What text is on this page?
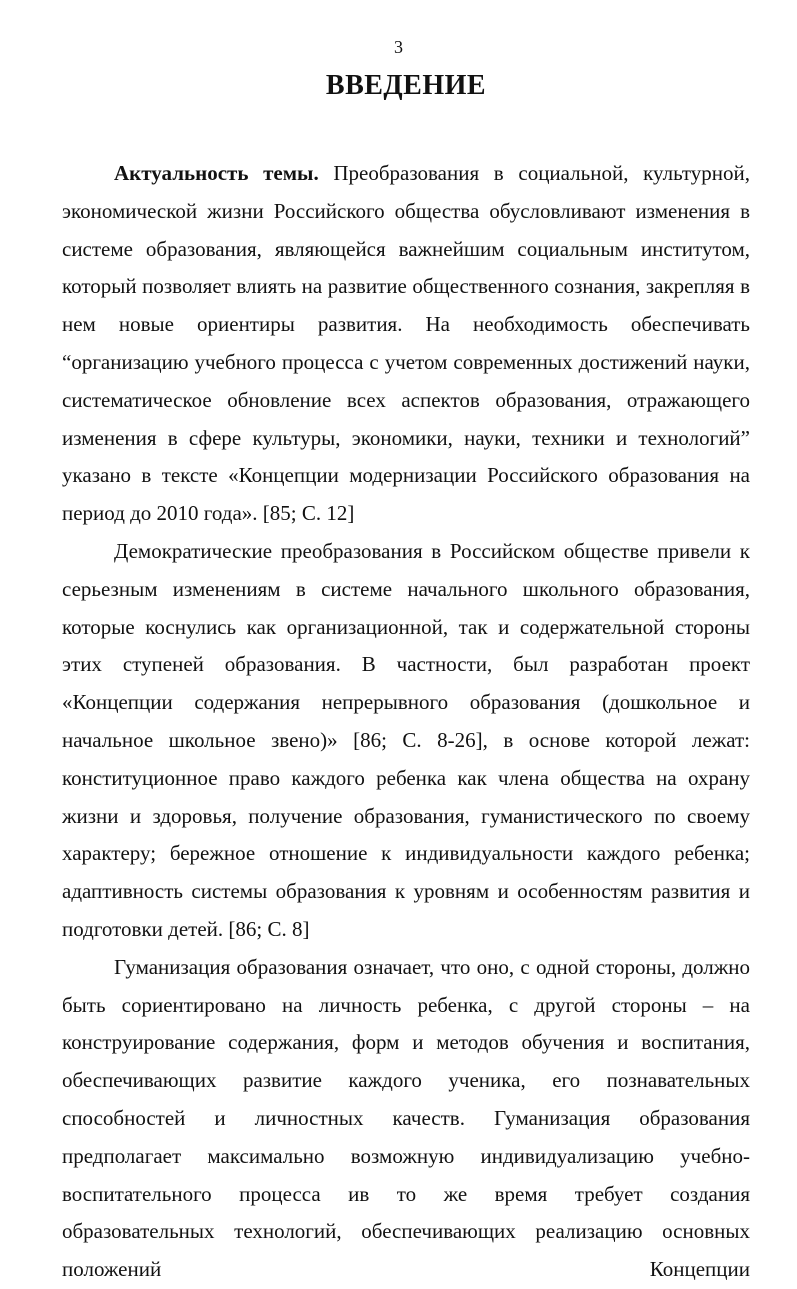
3
ВВЕДЕНИЕ

Актуальность темы. Преобразования в социальной, культурной, экономической жизни Российского общества обусловливают изменения в системе образования, являющейся важнейшим социальным институтом, который позволяет влиять на развитие общественного сознания, закрепляя в нем новые ориентиры развития. На необходимость обеспечивать “организацию учебного процесса с учетом современных достижений науки, систематическое обновление всех аспектов образования, отражающего изменения в сфере культуры, экономики, науки, техники и технологий” указано в тексте «Концепции модернизации Российского образования на период до 2010 года». [85; С. 12]

Демократические преобразования в Российском обществе привели к серьезным изменениям в системе начального школьного образования, которые коснулись как организационной, так и содержательной стороны этих ступеней образования. В частности, был разработан проект «Концепции содержания непрерывного образования (дошкольное и начальное школьное звено)» [86; С. 8-26], в основе которой лежат: конституционное право каждого ребенка как члена общества на охрану жизни и здоровья, получение образования, гуманистического по своему характеру; бережное отношение к индивидуальности каждого ребенка; адаптивность системы образования к уровням и особенностям развития и подготовки детей. [86; С. 8]

Гуманизация образования означает, что оно, с одной стороны, должно быть сориентировано на личность ребенка, с другой стороны – на конструирование содержания, форм и методов обучения и воспитания, обеспечивающих развитие каждого ученика, его познавательных способностей и личностных качеств. Гуманизация образования предполагает максимально возможную индивидуализацию учебно-воспитательного процесса ив то же время требует создания образовательных технологий, обеспечивающих реализацию основных положений Концепции
